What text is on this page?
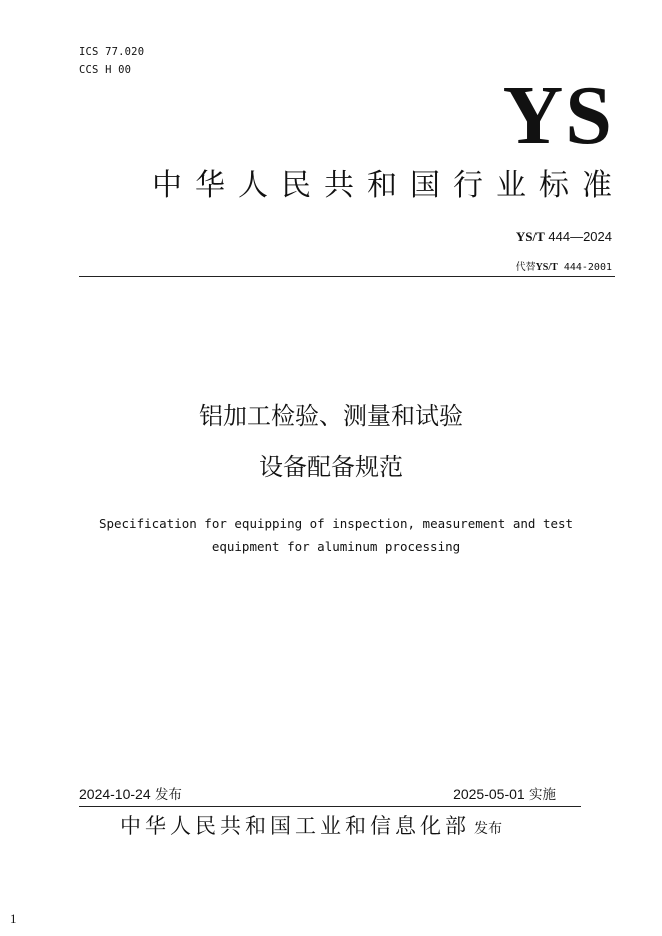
ICS 77.020
CCS H 00	YS
中华人民共和国行业标准
YS/T 444—2024
代替YS/T 444-2001
铝加工检验、测量和试验
设备配备规范
Specification for equipping of inspection, measurement and test
equipment for aluminum processing
2024-10-24 发布	2025-05-01 实施
中华人民共和国工业和信息化部 发布
1
